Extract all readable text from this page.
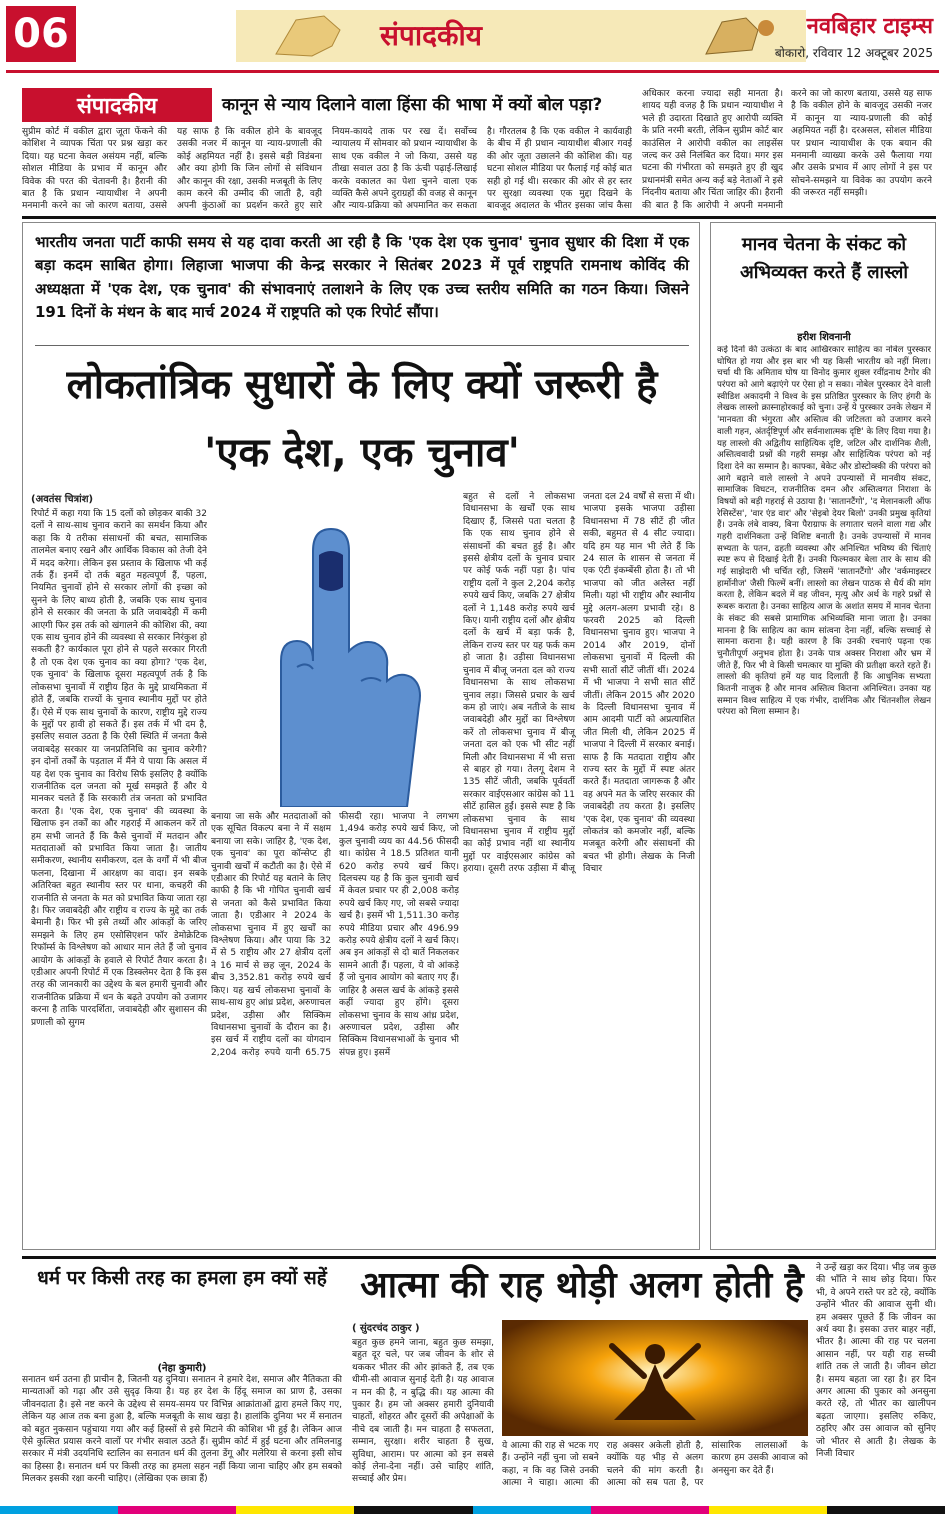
06	संपादकीय	नवबिहार टाइम्स
बोकारो, रविवार 12 अक्टूबर 2025
संपादकीय	कानून से न्याय दिलाने वाला हिंसा की भाषा में क्यों बोल पड़ा?
सुप्रीम कोर्ट में वकील द्वारा जूता फेंकने की कोशिश ने व्यापक चिंता पर प्रश्न खड़ा कर दिया। यह घटना केवल असंयम नहीं, बल्कि सोशल मीडिया के प्रभाव में कानून और विवेक की परत की चेतावनी है। हैरानी की बात है कि प्रधान न्यायाधीश ने अपनी मनमानी करने का जो कारण बताया, उससे यह साफ है कि वकील होने के बावजूद उसकी नजर में कानून या न्याय-प्रणाली की कोई अहमियत नहीं है। इससे बड़ी विडंबना और क्या होगी कि जिन लोगों से संविधान और कानून की रक्षा, उसकी मजबूती के लिए काम करने की उम्मीद की जाती है, वही अपनी कुंठाओं का प्रदर्शन करते हुए सारे नियम-कायदे ताक पर रख दें। सर्वोच्च न्यायालय में सोमवार को प्रधान न्यायाधीश के साथ एक वकील ने जो किया, उससे यह तीखा सवाल उठा है कि ऊंची पढ़ाई-लिखाई करके वकालत का पेशा चुनने वाला एक व्यक्ति कैसे अपने दुराग्रहों की वजह से कानून और न्याय-प्रक्रिया को अपमानित कर सकता है। गौरतलब है कि एक वकील ने कार्यवाही के बीच में ही प्रधान न्यायाधीश बीआर गवई की ओर जूता उछालने की कोशिश की। यह घटना सोशल मीडिया पर फैलाई गई कोई बात सही हो गई थी। सरकार की ओर से हर स्तर पर सुरक्षा व्यवस्था एक मुद्दा दिखने के बावजूद अदालत के भीतर इसका जांच कैसा
अधिकार करना ज्यादा सही मानता है। शायद यही वजह है कि प्रधान न्यायाधीश ने भले ही उदारता दिखाते हुए आरोपी व्यक्ति के प्रति नरमी बरती, लेकिन सुप्रीम कोर्ट बार काउंसिल ने आरोपी वकील का लाइसेंस जल्द कर उसे निलंबित कर दिया। मगर इस घटना की गंभीरता को समझते हुए ही खुद प्रधानमंत्री समेत अन्य कई बड़े नेताओं ने इसे निंदनीय बताया और चिंता जाहिर की। हैरानी की बात है कि आरोपी ने अपनी मनमानी करने का जो कारण बताया, उससे यह साफ है कि वकील होने के बावजूद उसकी नजर में कानून या न्याय-प्रणाली की कोई अहमियत नहीं है। दरअसल, सोशल मीडिया पर प्रधान न्यायाधीश के एक बयान की मनमानी व्याख्या करके उसे फैलाया गया और उसके प्रभाव में आए लोगों ने इस पर सोचने-समझने या विवेक का उपयोग करने की जरूरत नहीं समझी।
भारतीय जनता पार्टी काफी समय से यह दावा करती आ रही है कि 'एक देश एक चुनाव' चुनाव सुधार की दिशा में एक बड़ा कदम साबित होगा। लिहाजा भाजपा की केन्द्र सरकार ने सितंबर 2023 में पूर्व राष्ट्रपति रामनाथ कोविंद की अध्यक्षता में 'एक देश, एक चुनाव' की संभावनाएं तलाशने के लिए एक उच्च स्तरीय समिति का गठन किया। जिसने 191 दिनों के मंथन के बाद मार्च 2024 में राष्ट्रपति को एक रिपोर्ट सौंपा।
लोकतांत्रिक सुधारों के लिए क्यों जरूरी है 'एक देश, एक चुनाव'
(अवतंस चित्रांश)
रिपोर्ट में कहा गया कि 15 दलों को छोड़कर बाकी 32 दलों ने साथ-साथ चुनाव कराने का समर्थन किया और कहा कि ये तरीका संसाधनों की बचत, सामाजिक तालमेल बनाए रखने और आर्थिक विकास को तेजी देने में मदद करेगा। लेकिन इस प्रस्ताव के खिलाफ भी कई तर्क हैं। इनमें दो तर्क बहुत महत्वपूर्ण हैं, पहला, नियमित चुनावों होने से सरकार लोगों की इच्छा को सुनने के लिए बाध्य होती है, जबकि एक साथ चुनाव होने से सरकार की जनता के प्रति जवाबदेही में कमी आएगी फिर इस तर्क को खंगालने की कोशिश की, क्या एक साथ चुनाव होने की व्यवस्था से सरकार निरंकुश हो सकती है? कार्यकाल पूरा होने से पहले सरकार गिरती है तो एक देश एक चुनाव का क्या होगा? 'एक देश, एक चुनाव' के खिलाफ दूसरा महत्वपूर्ण तर्क है कि लोकसभा चुनावों में राष्ट्रीय हित के मुद्दे प्राथमिकता में होते हैं, जबकि राज्यों के चुनाव स्थानीय मुद्दों पर होते हैं। ऐसे में एक साथ चुनावों के कारण, राष्ट्रीय मुद्दे राज्य के मुद्दों पर हावी हो सकते हैं। इस तर्क में भी दम है, इसलिए सवाल उठता है कि ऐसी स्थिति में जनता कैसे जवाबदेह सरकार या जनप्रतिनिधि का चुनाव करेगी? इन दोनों तर्कों के पड़ताल में मैंने ये पाया कि असल में यह देश एक चुनाव का विरोध सिर्फ इसलिए है क्योंकि राजनीतिक दल जनता को मूर्ख समझते हैं और ये मानकर चलते हैं कि सरकारी तंत्र जनता को प्रभावित करता है। 'एक देश, एक चुनाव' की व्यवस्था के खिलाफ इन तर्कों का और गहराई में आकलन करें तो हम सभी जानते हैं कि कैसे चुनावों में मतदान और मतदाताओं को प्रभावित किया जाता है। जातीय समीकरण, स्थानीय समीकरण, दल के वर्गों में भी बीज फलना, दिखाना में आरक्षण का वादा। इन सबके अतिरिक्त बहुत स्थानीय स्तर पर धाना, कचहरी की राजनीति से जनता के मत को प्रभावित किया जाता रहा है। फिर जवाबदेही और राष्ट्रीय व राज्य के मुद्दे का तर्क बेमानी है। फिर भी इसे तथ्यों और आंकड़ों के जरिए समझने के लिए हम एसोसिएशन फॉर डेमोक्रेटिक रिफॉर्म्स के विश्लेषण को आधार मान लेते हैं जो चुनाव आयोग के आंकड़ों के हवाले से रिपोर्ट तैयार करता है। एडीआर अपनी रिपोर्ट में एक डिस्क्लेमर देता है कि इस तरह की जानकारी का उद्देश्य के बल हमारी चुनावी और राजनीतिक प्रक्रिया में धन के बढ़ते उपयोग को उजागर करना है ताकि पारदर्शिता, जवाबदेही और सुशासन की प्रणाली को सुगम
बनाया जा सके और मतदाताओं को एक सूचित विकल्प बना ने में सक्षम बनाया जा सके। जाहिर है, 'एक देश, एक चुनाव' का पूरा कॉन्सेप्ट ही चुनावी खर्चों में कटौती का है। ऐसे में एडीआर की रिपोर्ट यह बताने के लिए काफी है कि भी गोपित चुनावी खर्च से जनता को कैसे प्रभावित किया जाता है। एडीआर ने 2024 के लोकसभा चुनाव में हुए खर्चों का विश्लेषण किया। और पाया कि 32 में से 5 राष्ट्रीय और 27 क्षेत्रीय दलों ने 16 मार्च से छह जून, 2024 के बीच 3,352.81 करोड़ रुपये खर्च किए। यह खर्च लोकसभा चुनावों के साथ-साथ हुए आंध्र प्रदेश, अरुणाचल प्रदेश, उड़ीसा और सिक्किम विधानसभा चुनावों के दौरान का है। इस खर्च में राष्ट्रीय दलों का योगदान 2,204 करोड़ रुपये यानी 65.75 फीसदी रहा। भाजपा ने लगभग 1,494 करोड़ रुपये खर्च किए, जो कुल चुनावी व्यय का 44.56 फीसदी था। कांग्रेस ने 18.5 प्रतिशत यानी 620 करोड़ रुपये खर्च किए। दिलचस्प यह है कि कुल चुनावी खर्च में केवल प्रचार पर ही 2,008 करोड़ रुपये खर्च किए गए, जो सबसे ज्यादा खर्च है। इसमें भी 1,511.30 करोड़ रुपये मीडिया प्रचार और 496.99 करोड़ रुपये क्षेत्रीय दलों ने खर्च किए। अब इन आंकड़ों से दो बातें निकलकर सामने आती हैं। पहला, ये वो आंकड़े हैं जो चुनाव आयोग को बताए गए हैं। जाहिर है असल खर्च के आंकड़े इससे कहीं ज्यादा हुए होंगे। दूसरा लोकसभा चुनाव के साथ आंध्र प्रदेश, अरुणाचल प्रदेश, उड़ीसा और सिक्किम विधानसभाओं के चुनाव भी संपन्न हुए। इसमें
बहुत से दलों ने लोकसभा विधानसभा के खर्चों एक साथ दिखाए हैं, जिससे पता चलता है कि एक साथ चुनाव होने से संसाधनों की बचत हुई है। और इससे क्षेत्रीय दलों के चुनाव प्रचार पर कोई फर्क नहीं पड़ा है। पांच राष्ट्रीय दलों ने कुल 2,204 करोड़ रुपये खर्च किए, जबकि 27 क्षेत्रीय दलों ने 1,148 करोड़ रुपये खर्च किए। यानी राष्ट्रीय दलों और क्षेत्रीय दलों के खर्च में बड़ा फर्क है, लेकिन राज्य स्तर पर यह फर्क कम हो जाता है। उड़ीसा विधानसभा चुनाव में बीजू जनता दल को राज्य विधानसभा के साथ लोकसभा चुनाव लड़ा। जिससे प्रचार के खर्च कम हो जाएं। अब नतीजे के साथ जवाबदेही और मुद्दों का विश्लेषण करें तो लोकसभा चुनाव में बीजू जनता दल को एक भी सीट नहीं मिली और विधानसभा में भी सत्ता से बाहर हो गया। तेलगू देशम ने 135 सीटें जीती, जबकि पूर्ववर्ती सरकार वाईएसआर कांग्रेस को 11 सीटें हासिल हुईं। इससे स्पष्ट है कि लोकसभा चुनाव के साथ विधानसभा चुनाव में राष्ट्रीय मुद्दों का कोई प्रभाव नहीं था स्थानीय मुद्दों पर वाईएसआर कांग्रेस को हराया। दूसरी तरफ उड़ीसा में बीजू जनता दल 24 वर्षों से सत्ता में थी। भाजपा इसके भाजपा उड़ीसा विधानसभा में 78 सीटें ही जीत सकी, बहुमत से 4 सीट ज्यादा। यदि हम यह मान भी लेते हैं कि 24 साल के शासन से जनता में एक एंटी इंकम्बेंसी होता है। तो भी भाजपा को जीत अलेस्त नहीं मिली। यहां भी राष्ट्रीय और स्थानीय मुद्दे अलग-अलग प्रभावी रहे। 8 फरवरी 2025 को दिल्ली विधानसभा चुनाव हुए। भाजपा ने 2014 और 2019, दोनों लोकसभा चुनावों में दिल्ली की सभी सातों सीटें जीतीं थीं। 2024 में भी भाजपा ने सभी सात सीटें जीतीं। लेकिन 2015 और 2020 के दिल्ली विधानसभा चुनाव में आम आदमी पार्टी को अप्रत्याशित जीत मिली थी, लेकिन 2025 में भाजपा ने दिल्ली में सरकार बनाई। साफ है कि मतदाता राष्ट्रीय और राज्य स्तर के मुद्दों में स्पष्ट अंतर करते हैं। मतदाता जागरूक है और वह अपने मत के जरिए सरकार की जवाबदेही तय करता है। इसलिए 'एक देश, एक चुनाव' की व्यवस्था लोकतंत्र को कमजोर नहीं, बल्कि मजबूत करेगी और संसाधनों की बचत भी होगी। लेखक के निजी विचार
मानव चेतना के संकट को अभिव्यक्त करते हैं लास्लो
हरीश शिवनानी
कई दिनों की उत्कंठा के बाद आखिरकार साहित्य का नोबेल पुरस्कार घोषित हो गया और इस बार भी यह किसी भारतीय को नहीं मिला। चर्चा थी कि अमिताव घोष या विनोद कुमार शुक्ल रवींद्रनाथ टैगोर की परंपरा को आगे बढ़ाएंगे पर ऐसा हो न सका। नोबेल पुरस्कार देने वाली स्वीडिश अकादमी ने विश्व के इस प्रतिष्ठित पुरस्कार के लिए हंगरी के लेखक लास्लो क्रास्नाहोरकाई को चुना। उन्हें ये पुरस्कार उनके लेखन में 'मानवता की भंगुरता और अस्तित्व की जटिलता को उजागर करने वाली गहन, अंतर्दृष्टिपूर्ण और सर्वनाशात्मक दृष्टि' के लिए दिया गया है। यह लास्लो की अद्वितीय साहित्यिक दृष्टि, जटिल और दार्शनिक शैली, अस्तित्ववादी प्रश्नों की गहरी समझ और साहित्यिक परंपरा को नई दिशा देने का सम्मान है। काफ्का, बेकेट और डोस्टोव्स्की की परंपरा को आगे बढ़ाने वाले लास्लो ने अपने उपन्यासों में मानवीय संकट, सामाजिक विघटन, राजनीतिक दमन और अस्तित्वगत निराशा के विषयों को बड़ी गहराई से उठाया है। 'सातानटैंगो', 'द मेलानकली ऑफ रेसिस्टेंस', 'वार एंड वार' और 'सेइबो देयर बिलो' उनकी प्रमुख कृतियां हैं। उनके लंबे वाक्य, बिना पैराग्राफ के लगातार चलने वाला गद्य और गहरी दार्शनिकता उन्हें विशिष्ट बनाती है। उनके उपन्यासों में मानव सभ्यता के पतन, ढहती व्यवस्था और अनिश्चित भविष्य की चिंताएं स्पष्ट रूप से दिखाई देती हैं। उनकी फिल्मकार बेला तार के साथ की गई साझेदारी भी चर्चित रही, जिसमें 'सातानटैंगो' और 'वर्कमाइस्टर हार्मोनीज' जैसी फिल्में बनीं। लास्लो का लेखन पाठक से धैर्य की मांग करता है, लेकिन बदले में वह जीवन, मृत्यु और अर्थ के गहरे प्रश्नों से रूबरू कराता है। उनका साहित्य आज के अशांत समय में मानव चेतना के संकट की सबसे प्रामाणिक अभिव्यक्ति माना जाता है। उनका मानना है कि साहित्य का काम सांत्वना देना नहीं, बल्कि सच्चाई से सामना कराना है। यही कारण है कि उनकी रचनाएं पढ़ना एक चुनौतीपूर्ण अनुभव होता है। उनके पात्र अक्सर निराशा और भ्रम में जीते हैं, फिर भी वे किसी चमत्कार या मुक्ति की प्रतीक्षा करते रहते हैं। लास्लो की कृतियां हमें यह याद दिलाती हैं कि आधुनिक सभ्यता कितनी नाजुक है और मानव अस्तित्व कितना अनिश्चित। उनका यह सम्मान विश्व साहित्य में एक गंभीर, दार्शनिक और चिंतनशील लेखन परंपरा को मिला सम्मान है।
धर्म पर किसी तरह का हमला हम क्यों सहें
(नेहा कुमारी)
सनातन धर्म उतना ही प्राचीन है, जितनी यह दुनिया। सनातन ने हमारे देश, समाज और नैतिकता की मान्यताओं को गढ़ा और उसे सुदृढ़ किया है। यह हर देश के हिंदू समाज का प्राण है, उसका जीवनदाता है। इसे नष्ट करने के उद्देश्य से समय-समय पर विभिन्न आक्रांताओं द्वारा हमले किए गए, लेकिन यह आज तक बना हुआ है, बल्कि मजबूती के साथ खड़ा है। हालांकि दुनिया भर में सनातन को बहुत नुकसान पहुंचाया गया और कई हिस्सों से इसे मिटाने की कोशिश भी हुई है। लेकिन आज ऐसे कुत्सित प्रयास करने वालों पर गंभीर सवाल उठते हैं। सुप्रीम कोर्ट में हुई घटना और तमिलनाडु सरकार में मंत्री उदयनिधि स्टालिन का सनातन धर्म की तुलना डेंगू और मलेरिया से करना इसी सोच का हिस्सा है। सनातन धर्म पर किसी तरह का हमला सहन नहीं किया जाना चाहिए और हम सबको मिलकर इसकी रक्षा करनी चाहिए। (लेखिका एक छात्रा हैं)
आत्मा की राह थोड़ी अलग होती है
( सुंदरचंद ठाकुर )
बहुत कुछ हमने जाना, बहुत कुछ समझा, बहुत दूर चले, पर जब जीवन के शोर से थककर भीतर की ओर झांकते हैं, तब एक धीमी-सी आवाज सुनाई देती है। यह आवाज न मन की है, न बुद्धि की। यह आत्मा की पुकार है। हम जो अक्सर हमारी दुनियावी चाहतों, शोहरत और दूसरों की अपेक्षाओं के नीचे दब जाती है। मन चाहता है सफलता, सम्मान, सुरक्षा। शरीर चाहता है सुख, सुविधा, आराम। पर आत्मा को इन सबसे कोई लेना-देना नहीं। उसे चाहिए शांति, सच्चाई और प्रेम।
ये आत्मा की राह से भटक गए हैं। उन्होंने नहीं चुना जो सबने कहा, न कि वह जिसे उनकी आत्मा ने चाहा। आत्मा की राह अक्सर अकेली होती है, क्योंकि यह भीड़ से अलग चलने की मांग करती है। आत्मा को सब पता है, पर सांसारिक लालसाओं के कारण हम उसकी आवाज को अनसुना कर देते हैं।
ने उन्हें खड़ा कर दिया। भीड़ जब कुछ की भाँति ने साथ छोड़ दिया। फिर भी, वे अपने रास्ते पर डटे रहे, क्योंकि उन्होंने भीतर की आवाज सुनी थी। हम अक्सर पूछते हैं कि जीवन का अर्थ क्या है। इसका उत्तर बाहर नहीं, भीतर है। आत्मा की राह पर चलना आसान नहीं, पर यही राह सच्ची शांति तक ले जाती है। जीवन छोटा है। समय बहता जा रहा है। हर दिन अगर आत्मा की पुकार को अनसुना करते रहे, तो भीतर का खालीपन बढ़ता जाएगा। इसलिए रुकिए, ठहरिए और उस आवाज को सुनिए जो भीतर से आती है। लेखक के निजी विचार
